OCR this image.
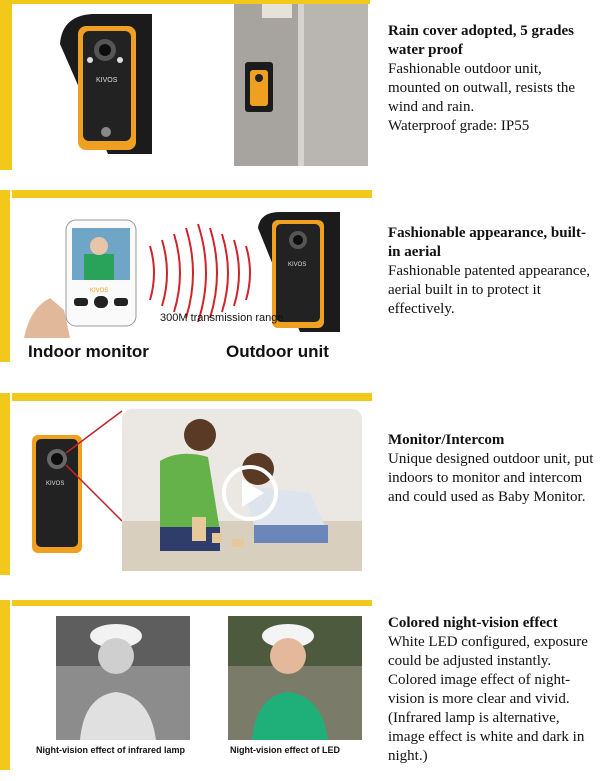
KIVOS
Rain cover adopted, 5 grades water proof

Fashionable outdoor unit, mounted on outwall, resists the wind and rain.

Waterproof grade: IP55

KIVOS
KIVOS
300M transmission range
Indoor monitor	Outdoor unit
Fashionable appearance, built-in aerial

Fashionable patented appearance, aerial built in to protect it effectively.

KIVOS
Monitor/Intercom

Unique designed outdoor unit, put indoors to monitor and intercom and could used as Baby Monitor.

Night-vision effect of infrared lamp	Night-vision effect of LED
Colored night-vision effect

White LED configured, exposure could be adjusted instantly. Colored image effect of night-vision is more clear and vivid. (Infrared lamp is alternative, image effect is white and dark in night.)
